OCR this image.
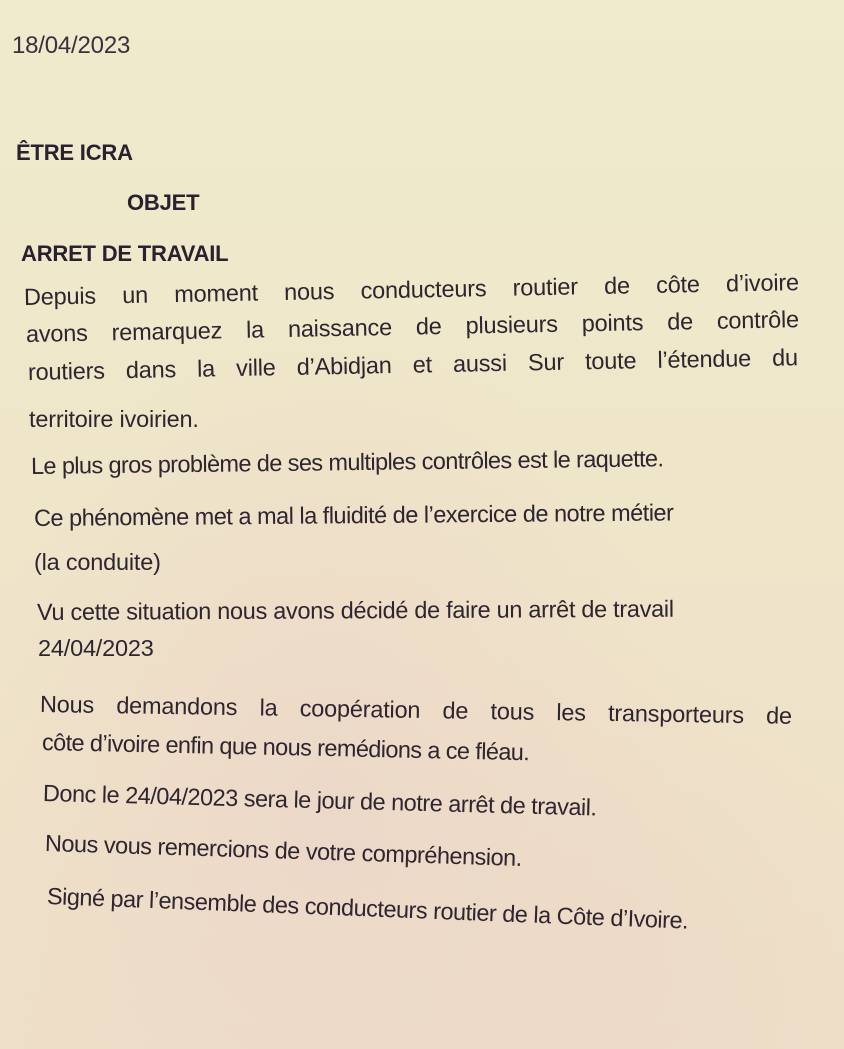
18/04/2023
ÊTRE ICRA
OBJET
ARRET DE TRAVAIL
Depuis un moment nous conducteurs routier de côte d’ivoire
avons remarquez la naissance de plusieurs points de contrôle
routiers dans la ville d’Abidjan et aussi Sur toute l’étendue du
territoire ivoirien.
Le plus gros problème de ses multiples contrôles est le raquette.
Ce phénomène met a mal la fluidité de l’exercice de notre métier
(la conduite)
Vu cette situation nous avons décidé de faire un arrêt de travail
24/04/2023
Nous demandons la coopération de tous les transporteurs de
côte d’ivoire enfin que nous remédions a ce fléau.
Donc le 24/04/2023 sera le jour de notre arrêt de travail.
Nous vous remercions de votre compréhension.
Signé par l’ensemble des conducteurs routier de la Côte d’Ivoire.
